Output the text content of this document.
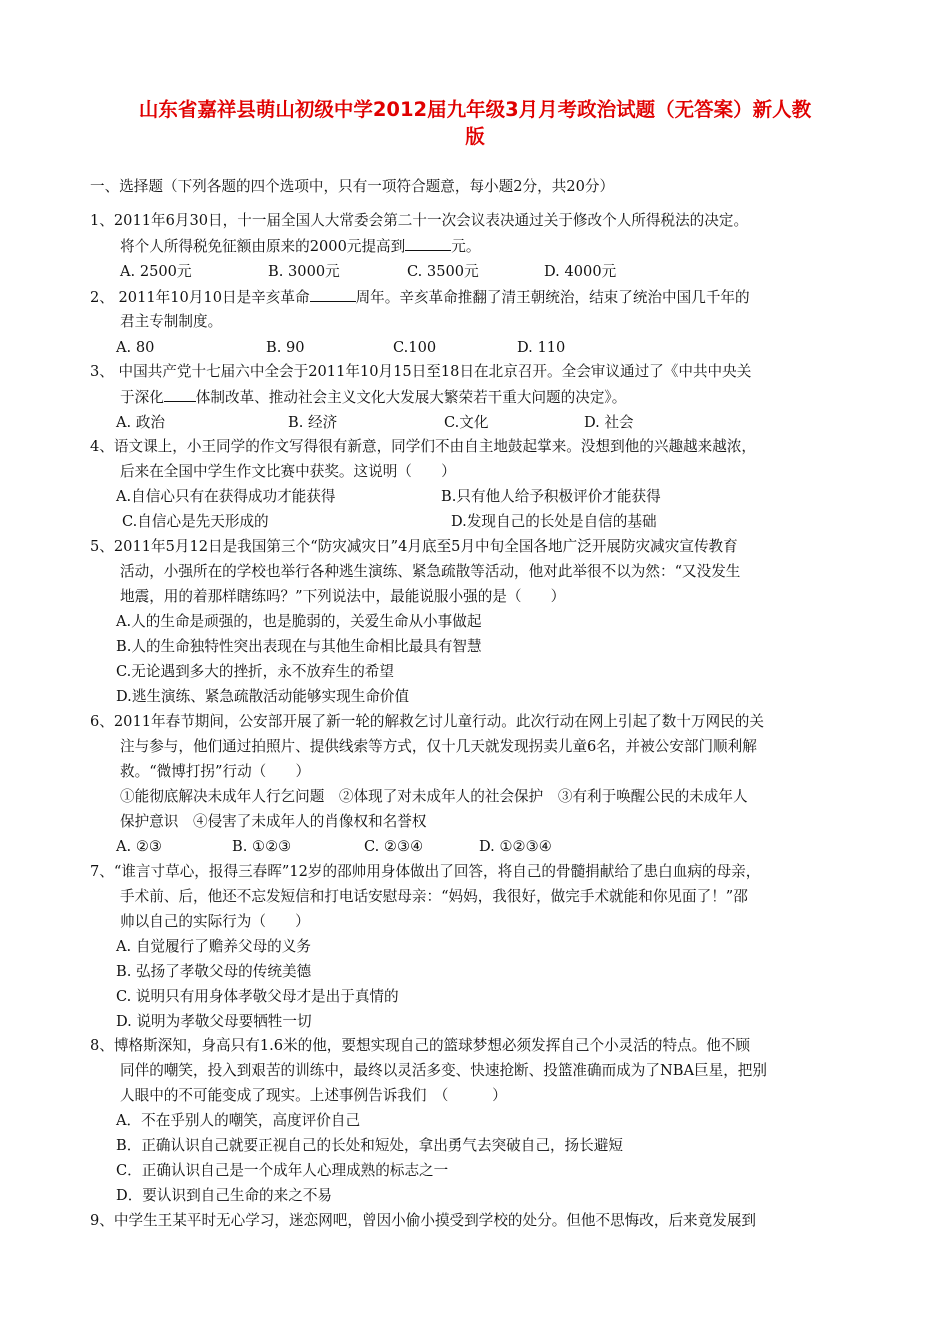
山东省嘉祥县萌山初级中学2012届九年级3月月考政治试题（无答案）新人教
版
一、选择题（下列各题的四个选项中，只有一项符合题意，每小题2分，共20分）
1、2011年6月30日，十一届全国人大常委会第二十一次会议表决通过关于修改个人所得税法的决定。
将个人所得税免征额由原来的2000元提高到	元。
A. 2500元	B. 3000元	C. 3500元	D. 4000元
2、 2011年10月10日是辛亥革命	周年。辛亥革命推翻了清王朝统治，结束了统治中国几千年的
君主专制制度。
A. 80	B. 90	C.100	D. 110
3、 中国共产党十七届六中全会于2011年10月15日至18日在北京召开。全会审议通过了《中共中央关
于深化 体制改革、推动社会主义文化大发展大繁荣若干重大问题的决定》。
A. 政治	B. 经济	C.文化	D. 社会
4、语文课上，小王同学的作文写得很有新意，同学们不由自主地鼓起掌来。没想到他的兴趣越来越浓，
后来在全国中学生作文比赛中获奖。这说明（　　）
A.自信心只有在获得成功才能获得	B.只有他人给予积极评价才能获得
C.自信心是先天形成的	D.发现自己的长处是自信的基础
5、2011年5月12日是我国第三个“防灾减灾日”4月底至5月中旬全国各地广泛开展防灾减灾宣传教育
活动，小强所在的学校也举行各种逃生演练、紧急疏散等活动，他对此举很不以为然：“又没发生
地震，用的着那样瞎练吗？”下列说法中，最能说服小强的是（　　）
A.人的生命是顽强的，也是脆弱的，关爱生命从小事做起
B.人的生命独特性突出表现在与其他生命相比最具有智慧
C.无论遇到多大的挫折，永不放弃生的希望
D.逃生演练、紧急疏散活动能够实现生命价值
6、2011年春节期间，公安部开展了新一轮的解救乞讨儿童行动。此次行动在网上引起了数十万网民的关
注与参与，他们通过拍照片、提供线索等方式，仅十几天就发现拐卖儿童6名，并被公安部门顺利解
救。“微博打拐”行动（　　）
①能彻底解决未成年人行乞问题　②体现了对未成年人的社会保护　③有利于唤醒公民的未成年人
保护意识　④侵害了未成年人的肖像权和名誉权
A. ②③	B. ①②③	C. ②③④	D. ①②③④
7、“谁言寸草心，报得三春晖”12岁的邵帅用身体做出了回答，将自己的骨髓捐献给了患白血病的母亲，
手术前、后，他还不忘发短信和打电话安慰母亲：“妈妈，我很好，做完手术就能和你见面了！”邵
帅以自己的实际行为（　　）
A. 自觉履行了赡养父母的义务
B. 弘扬了孝敬父母的传统美德
C. 说明只有用身体孝敬父母才是出于真情的
D. 说明为孝敬父母要牺牲一切
8、博格斯深知，身高只有1.6米的他，要想实现自己的篮球梦想必须发挥自己个小灵活的特点。他不顾
同伴的嘲笑，投入到艰苦的训练中，最终以灵活多变、快速抢断、投篮准确而成为了NBA巨星，把别
人眼中的不可能变成了现实。上述事例告诉我们　（　　　）
A．不在乎别人的嘲笑，高度评价自己
B．正确认识自己就要正视自己的长处和短处，拿出勇气去突破自己，扬长避短
C．正确认识自己是一个成年人心理成熟的标志之一
D．要认识到自己生命的来之不易
9、中学生王某平时无心学习，迷恋网吧，曾因小偷小摸受到学校的处分。但他不思悔改，后来竟发展到
